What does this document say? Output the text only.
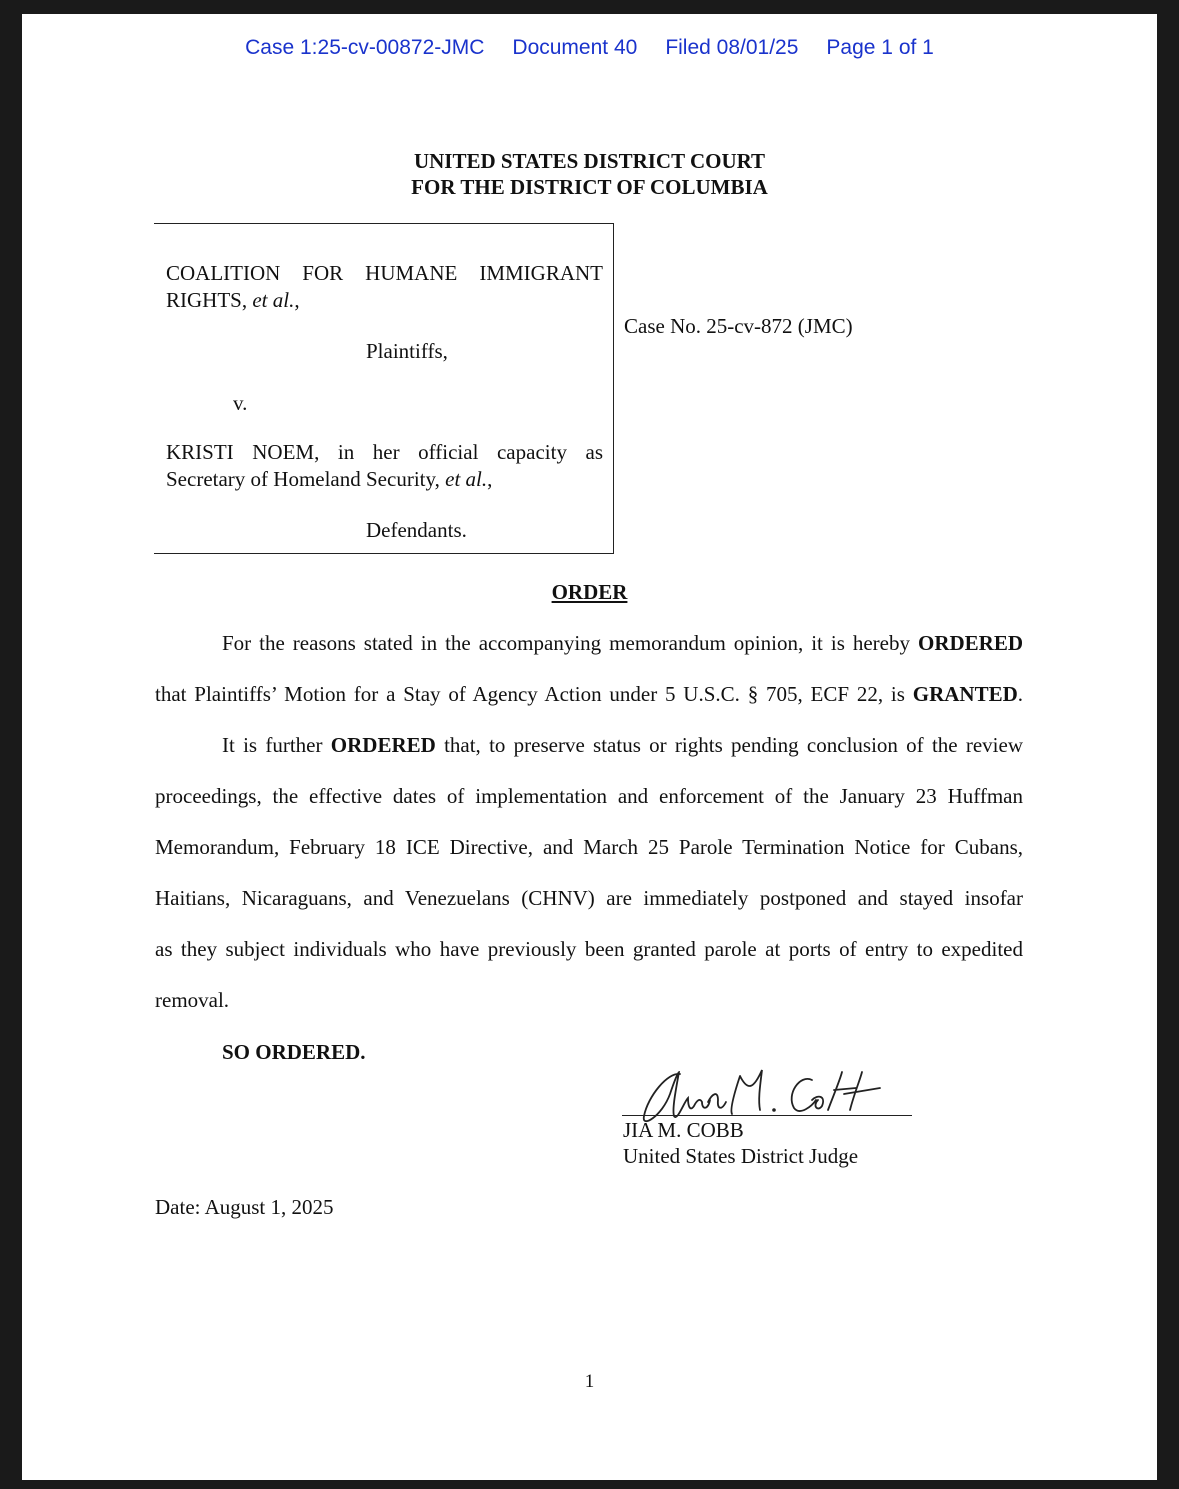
Case 1:25-cv-00872-JMC Document 40 Filed 08/01/25 Page 1 of 1
UNITED STATES DISTRICT COURT
FOR THE DISTRICT OF COLUMBIA
COALITION FOR HUMANE IMMIGRANT
RIGHTS, et al.,
Plaintiffs,
v.
KRISTI NOEM, in her official capacity as
Secretary of Homeland Security, et al.,
Defendants.
Case No. 25-cv-872 (JMC)
ORDER
For the reasons stated in the accompanying memorandum opinion, it is hereby ORDERED
that Plaintiffs’ Motion for a Stay of Agency Action under 5 U.S.C. § 705, ECF 22, is GRANTED.
It is further ORDERED that, to preserve status or rights pending conclusion of the review
proceedings, the effective dates of implementation and enforcement of the January 23 Huffman
Memorandum, February 18 ICE Directive, and March 25 Parole Termination Notice for Cubans,
Haitians, Nicaraguans, and Venezuelans (CHNV) are immediately postponed and stayed insofar
as they subject individuals who have previously been granted parole at ports of entry to expedited
removal.
SO ORDERED.
JIA M. COBB
United States District Judge
Date: August 1, 2025
1
